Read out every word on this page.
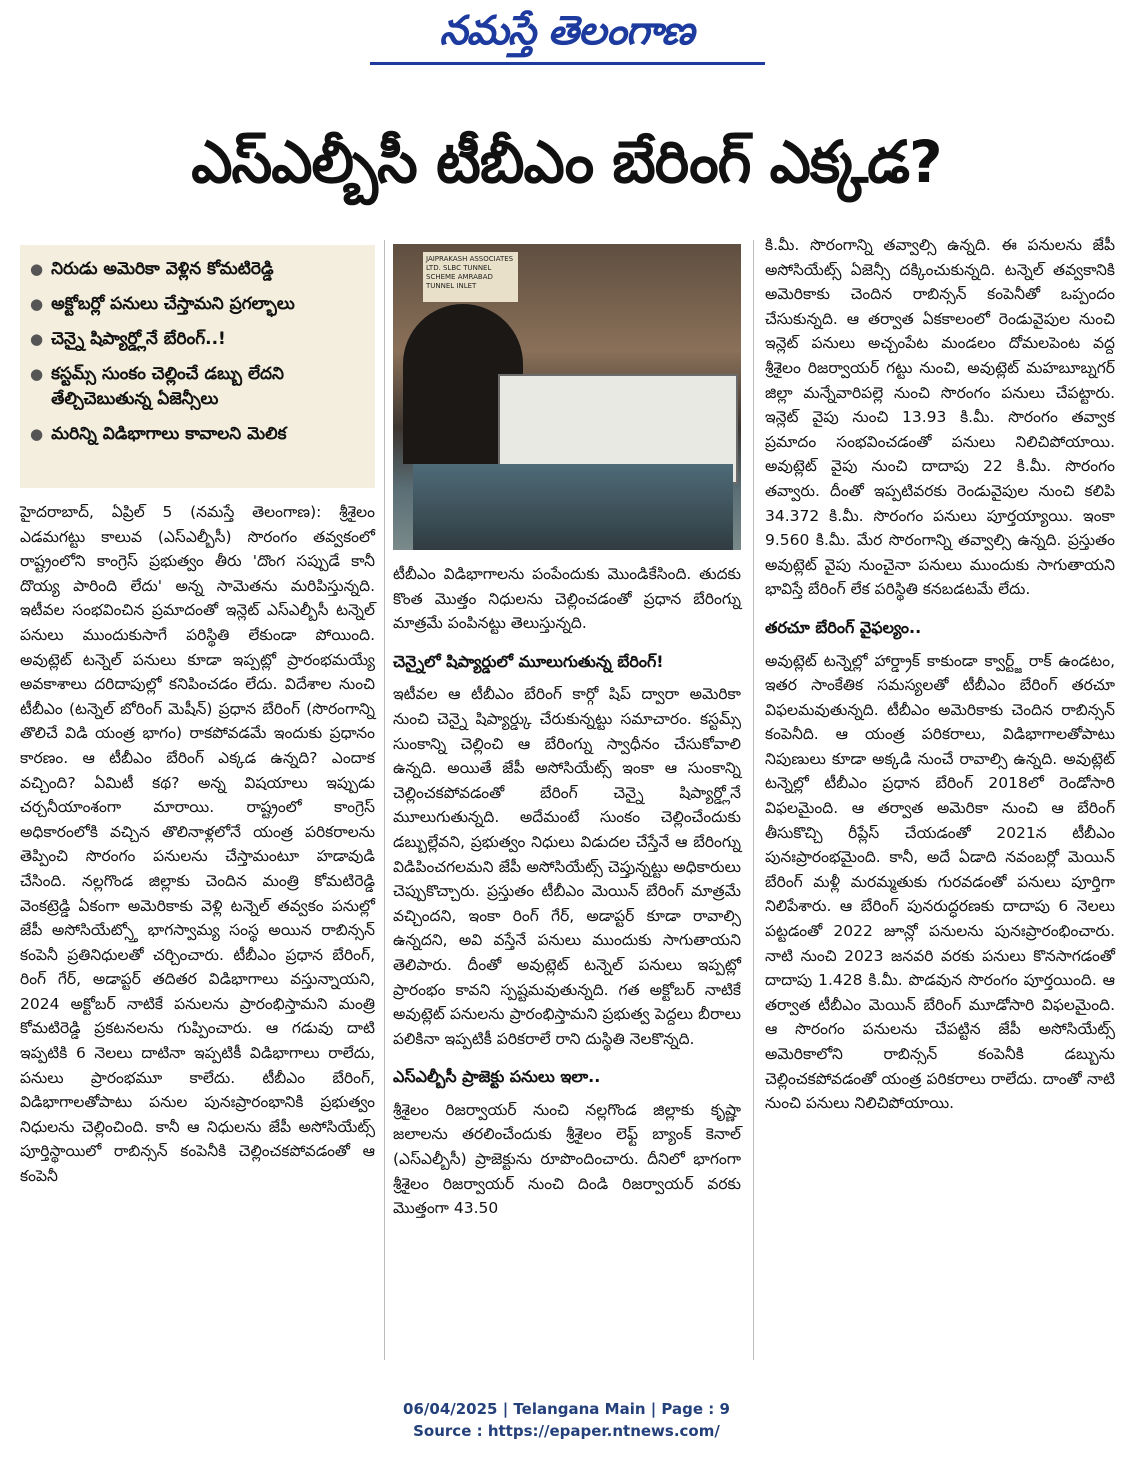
నమస్తే తెలంగాణ
ఎస్ఎల్బీసీ టీబీఎం బేరింగ్ ఎక్కడ?
● నిరుడు అమెరికా వెళ్లిన కోమటిరెడ్డి
● అక్టోబర్లో పనులు చేస్తామని ప్రగల్భాలు
● చెన్నై షిప్యార్డ్లోనే బేరింగ్..!
● కస్టమ్స్ సుంకం చెల్లించే డబ్బు లేదని తేల్చిచెబుతున్న ఏజెన్సీలు
● మరిన్ని విడిభాగాలు కావాలని మెలిక
JAIPRAKASH ASSOCIATES LTD. SLBC TUNNEL SCHEME AMRABAD TUNNEL INLET

హైదరాబాద్, ఏప్రిల్ 5 (నమస్తే తెలంగాణ): శ్రీశైలం ఎడమగట్టు కాలువ (ఎస్ఎల్బీసీ) సొరంగం తవ్వకంలో రాష్ట్రంలోని కాంగ్రెస్ ప్రభుత్వం తీరు 'దొంగ సప్పుడే కానీ దొయ్య పారింది లేదు' అన్న సామెతను మరిపిస్తున్నది. ఇటీవల సంభవించిన ప్రమాదంతో ఇన్లెట్ ఎస్ఎల్బీసీ టన్నెల్ పనులు ముందుకుసాగే పరిస్థితి లేకుండా పోయింది. అవుట్లెట్ టన్నెల్ పనులు కూడా ఇప్పట్లో ప్రారంభమయ్యే అవకాశాలు దరిదాపుల్లో కనిపించడం లేదు. విదేశాల నుంచి టీబీఎం (టన్నెల్ బోరింగ్ మెషీన్) ప్రధాన బేరింగ్ (సొరంగాన్ని తొలిచే విడి యంత్ర భాగం) రాకపోవడమే ఇందుకు ప్రధానం కారణం. ఆ టీబీఎం బేరింగ్ ఎక్కడ ఉన్నది? ఎందాక వచ్చింది? ఏమిటీ కథ? అన్న విషయాలు ఇప్పుడు చర్చనీయాంశంగా మారాయి. రాష్ట్రంలో కాంగ్రెస్ అధికారంలోకి వచ్చిన తొలినాళ్లలోనే యంత్ర పరికరాలను తెప్పించి సొరంగం పనులను చేస్తామంటూ హడావుడి చేసింది. నల్లగొండ జిల్లాకు చెందిన మంత్రి కోమటిరెడ్డి వెంకట్రెడ్డి ఏకంగా అమెరికాకు వెళ్లి టన్నెల్ తవ్వకం పనుల్లో జేపీ అసోసియేట్స్తో భాగస్వామ్య సంస్థ అయిన రాబిన్సన్ కంపెనీ ప్రతినిధులతో చర్చించారు. టీబీఎం ప్రధాన బేరింగ్, రింగ్ గేర్, అడాప్టర్ తదితర విడిభాగాలు వస్తున్నాయని, 2024 అక్టోబర్ నాటికే పనులను ప్రారంభిస్తామని మంత్రి కోమటిరెడ్డి ప్రకటనలను గుప్పించారు. ఆ గడువు దాటి ఇప్పటికి 6 నెలలు దాటినా ఇప్పటికీ విడిభాగాలు రాలేదు, పనులు ప్రారంభమూ కాలేదు. టీబీఎం బేరింగ్, విడిభాగాలతోపాటు పనుల పునఃప్రారంభానికి ప్రభుత్వం నిధులను చెల్లించింది. కానీ ఆ నిధులను జేపీ అసోసియేట్స్ పూర్తిస్థాయిలో రాబిన్సన్ కంపెనీకి చెల్లించకపోవడంతో ఆ కంపెనీ

టీబీఎం విడిభాగాలను పంపేందుకు మొండికేసింది. తుదకు కొంత మొత్తం నిధులను చెల్లించడంతో ప్రధాన బేరింగ్ను మాత్రమే పంపినట్టు తెలుస్తున్నది.

చెన్నైలో షిప్యార్డులో మూలుగుతున్న బేరింగ్!

ఇటీవల ఆ టీబీఎం బేరింగ్ కార్గో షిప్ ద్వారా అమెరికా నుంచి చెన్నై షిప్యార్డ్కు చేరుకున్నట్టు సమాచారం. కస్టమ్స్ సుంకాన్ని చెల్లించి ఆ బేరింగ్ను స్వాధీనం చేసుకోవాలి ఉన్నది. అయితే జేపీ అసోసియేట్స్ ఇంకా ఆ సుంకాన్ని చెల్లించకపోవడంతో బేరింగ్ చెన్నై షిప్యార్డ్లోనే మూలుగుతున్నది. అదేమంటే సుంకం చెల్లించేందుకు డబ్బుల్లేవని, ప్రభుత్వం నిధులు విడుదల చేస్తేనే ఆ బేరింగ్ను విడిపించగలమని జేపీ అసోసియేట్స్ చెప్తున్నట్టు అధికారులు చెప్పుకొచ్చారు. ప్రస్తుతం టీబీఎం మెయిన్ బేరింగ్ మాత్రమే వచ్చిందని, ఇంకా రింగ్ గేర్, అడాప్టర్ కూడా రావాల్సి ఉన్నదని, అవి వస్తేనే పనులు ముందుకు సాగుతాయని తెలిపారు. దీంతో అవుట్లెట్ టన్నెల్ పనులు ఇప్పట్లో ప్రారంభం కావని స్పష్టమవుతున్నది. గత అక్టోబర్ నాటికే అవుట్లెట్ పనులను ప్రారంభిస్తామని ప్రభుత్వ పెద్దలు బీరాలు పలికినా ఇప్పటికీ పరికరాలే రాని దుస్థితి నెలకొన్నది.

ఎస్ఎల్బీసీ ప్రాజెక్టు పనులు ఇలా..

శ్రీశైలం రిజర్వాయర్ నుంచి నల్లగొండ జిల్లాకు కృష్ణా జలాలను తరలించేందుకు శ్రీశైలం లెఫ్ట్ బ్యాంక్ కెనాల్ (ఎస్ఎల్బీసీ) ప్రాజెక్టును రూపొందించారు. దీనిలో భాగంగా శ్రీశైలం రిజర్వాయర్ నుంచి దిండి రిజర్వాయర్ వరకు మొత్తంగా 43.50

కి.మీ. సొరంగాన్ని తవ్వాల్సి ఉన్నది. ఈ పనులను జేపీ అసోసియేట్స్ ఏజెన్సీ దక్కించుకున్నది. టన్నెల్ తవ్వకానికి అమెరికాకు చెందిన రాబిన్సన్ కంపెనీతో ఒప్పందం చేసుకున్నది. ఆ తర్వాత ఏకకాలంలో రెండువైపుల నుంచి ఇన్లెట్ పనులు అచ్చంపేట మండలం దోమలపెంట వద్ద శ్రీశైలం రిజర్వాయర్ గట్టు నుంచి, అవుట్లెట్ మహబూబ్నగర్ జిల్లా మన్నేవారిపల్లె నుంచి సొరంగం పనులు చేపట్టారు. ఇన్లెట్ వైపు నుంచి 13.93 కి.మీ. సొరంగం తవ్వాక ప్రమాదం సంభవించడంతో పనులు నిలిచిపోయాయి. అవుట్లెట్ వైపు నుంచి దాదాపు 22 కి.మీ. సొరంగం తవ్వారు. దీంతో ఇప్పటివరకు రెండువైపుల నుంచి కలిపి 34.372 కి.మీ. సొరంగం పనులు పూర్తయ్యాయి. ఇంకా 9.560 కి.మీ. మేర సొరంగాన్ని తవ్వాల్సి ఉన్నది. ప్రస్తుతం అవుట్లెట్ వైపు నుంచైనా పనులు ముందుకు సాగుతాయని భావిస్తే బేరింగ్ లేక పరిస్థితి కనబడటమే లేదు.

తరచూ బేరింగ్ వైఫల్యం..

అవుట్లెట్ టన్నెల్లో హార్డ్రాక్ కాకుండా క్వార్ట్జ్ రాక్ ఉండటం, ఇతర సాంకేతిక సమస్యలతో టీబీఎం బేరింగ్ తరచూ విఫలమవుతున్నది. టీబీఎం అమెరికాకు చెందిన రాబిన్సన్ కంపెనీది. ఆ యంత్ర పరికరాలు, విడిభాగాలతోపాటు నిపుణులు కూడా అక్కడి నుంచే రావాల్సి ఉన్నది. అవుట్లెట్ టన్నెల్లో టీబీఎం ప్రధాన బేరింగ్ 2018లో రెండోసారి విఫలమైంది. ఆ తర్వాత అమెరికా నుంచి ఆ బేరింగ్ తీసుకొచ్చి రీప్లేస్ చేయడంతో 2021న టీబీఎం పునఃప్రారంభమైంది. కానీ, అదే ఏడాది నవంబర్లో మెయిన్ బేరింగ్ మళ్లీ మరమ్మతుకు గురవడంతో పనులు పూర్తిగా నిలిపేశారు. ఆ బేరింగ్ పునరుద్ధరణకు దాదాపు 6 నెలలు పట్టడంతో 2022 జూన్లో పనులను పునఃప్రారంభించారు. నాటి నుంచి 2023 జనవరి వరకు పనులు కొనసాగడంతో దాదాపు 1.428 కి.మీ. పొడవున సొరంగం పూర్తయింది. ఆ తర్వాత టీబీఎం మెయిన్ బేరింగ్ మూడోసారి విఫలమైంది. ఆ సొరంగం పనులను చేపట్టిన జేపీ అసోసియేట్స్ అమెరికాలోని రాబిన్సన్ కంపెనీకి డబ్బును చెల్లించకపోవడంతో యంత్ర పరికరాలు రాలేదు. దాంతో నాటి నుంచి పనులు నిలిచిపోయాయి.

06/04/2025 | Telangana Main | Page : 9
Source : https://epaper.ntnews.com/
